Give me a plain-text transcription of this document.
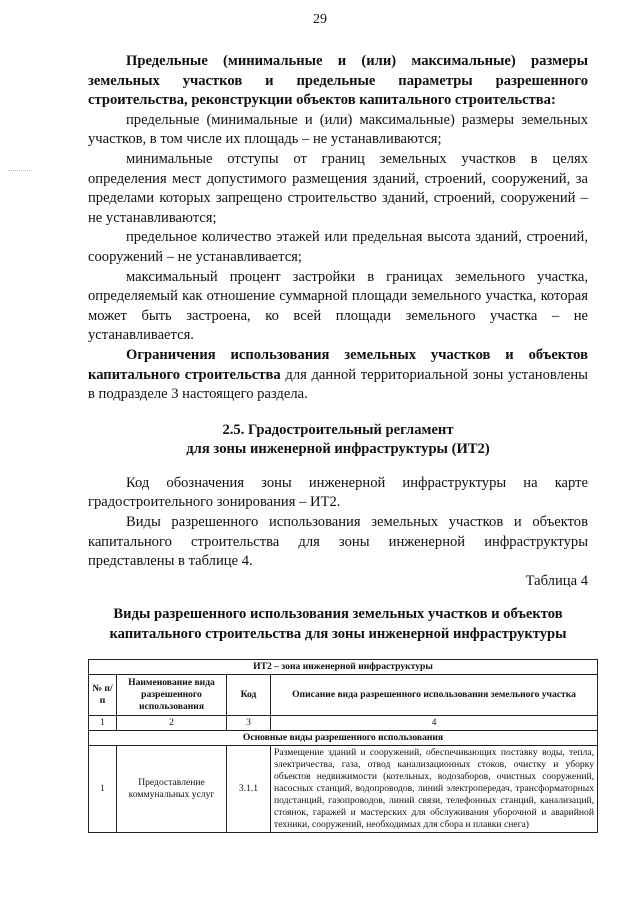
29

Предельные (минимальные и (или) максимальные) размеры земельных участков и предельные параметры разрешенного строительства, реконструкции объектов капитального строительства:

предельные (минимальные и (или) максимальные) размеры земельных участков, в том числе их площадь – не устанавливаются;

минимальные отступы от границ земельных участков в целях определения мест допустимого размещения зданий, строений, сооружений, за пределами которых запрещено строительство зданий, строений, сооружений – не устанавливаются;

предельное количество этажей или предельная высота зданий, строений, сооружений – не устанавливается;

максимальный процент застройки в границах земельного участка, определяемый как отношение суммарной площади земельного участка, которая может быть застроена, ко всей площади земельного участка – не устанавливается.

Ограничения использования земельных участков и объектов капитального строительства для данной территориальной зоны установлены в подразделе 3 настоящего раздела.

2.5. Градостроительный регламент

для зоны инженерной инфраструктуры (ИТ2)

Код обозначения зоны инженерной инфраструктуры на карте градостроительного зонирования – ИТ2.

Виды разрешенного использования земельных участков и объектов капитального строительства для зоны инженерной инфраструктуры представлены в таблице 4.

Таблица 4

Виды разрешенного использования земельных участков и объектов

капитального строительства для зоны инженерной инфраструктуры

ИТ2 – зона инженерной инфраструктуры			
№ п/п	Наименование вида разрешенного использования	Код	Описание вида разрешенного использования земельного участка
1	2	3	4
Основные виды разрешенного использования			
1	Предоставление коммунальных услуг	3.1.1	Размещение зданий и сооружений, обеспечивающих поставку воды, тепла, электричества, газа, отвод канализационных стоков, очистку и уборку объектов недвижимости (котельных, водозаборов, очистных сооружений, насосных станций, водопроводов, линий электропередач, трансформаторных подстанций, газопроводов, линий связи, телефонных станций, канализаций, стоянок, гаражей и мастерских для обслуживания уборочной и аварийной техники, сооружений, необходимых для сбора и плавки снега)
